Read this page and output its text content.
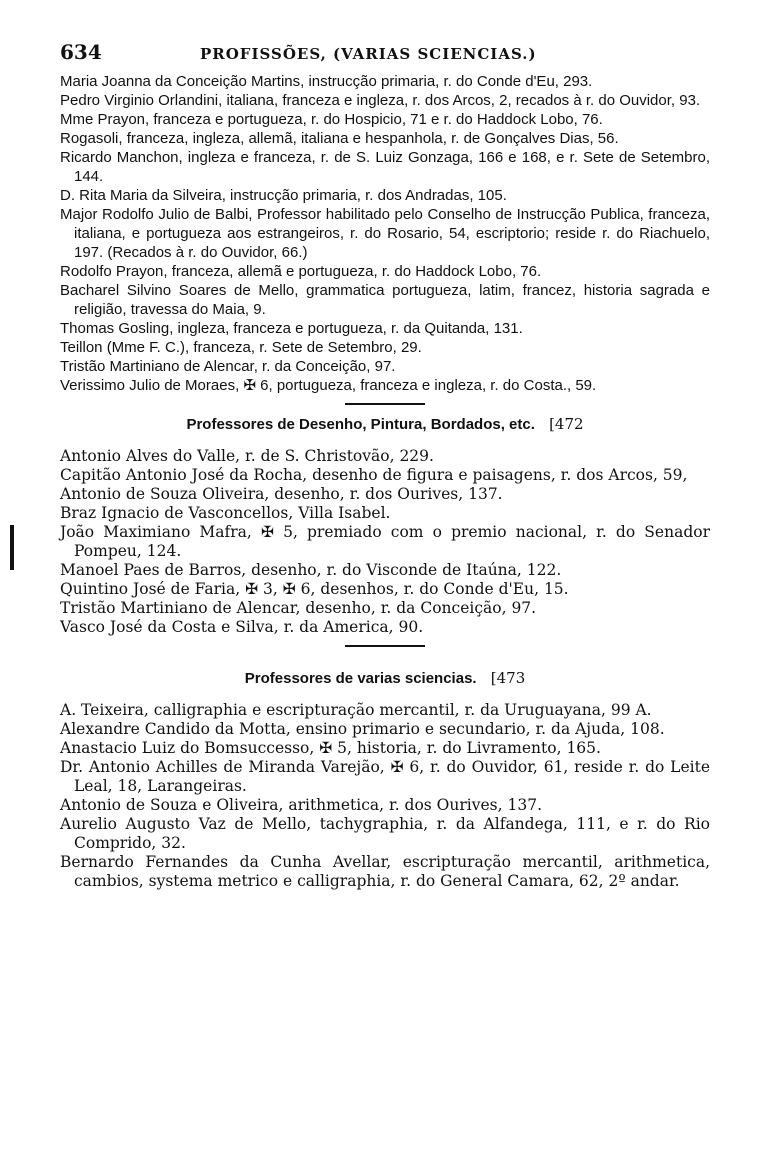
634	PROFISSÕES, (VARIAS SCIENCIAS.)

Maria Joanna da Conceição Martins, instrucção primaria, r. do Conde d'Eu, 293.

Pedro Virginio Orlandini, italiana, franceza e ingleza, r. dos Arcos, 2, recados à r. do Ouvidor, 93.

Mme Prayon, franceza e portugueza, r. do Hospicio, 71 e r. do Haddock Lobo, 76.

Rogasoli, franceza, ingleza, allemã, italiana e hespanhola, r. de Gonçalves Dias, 56.

Ricardo Manchon, ingleza e franceza, r. de S. Luiz Gonzaga, 166 e 168, e r. Sete de Setembro, 144.

D. Rita Maria da Silveira, instrucção primaria, r. dos Andradas, 105.

Major Rodolfo Julio de Balbi, Professor habilitado pelo Conselho de Instrucção Publica, franceza, italiana, e portugueza aos estrangeiros, r. do Rosario, 54, escriptorio; reside r. do Riachuelo, 197. (Recados à r. do Ouvidor, 66.)

Rodolfo Prayon, franceza, allemã e portugueza, r. do Haddock Lobo, 76.

Bacharel Silvino Soares de Mello, grammatica portugueza, latim, francez, historia sagrada e religião, travessa do Maia, 9.

Thomas Gosling, ingleza, franceza e portugueza, r. da Quitanda, 131.

Teillon (Mme F. C.), franceza, r. Sete de Setembro, 29.

Tristão Martiniano de Alencar, r. da Conceição, 97.

Verissimo Julio de Moraes, ✠ 6, portugueza, franceza e ingleza, r. do Costa., 59.

Professores de Desenho, Pintura, Bordados, etc. [472

Antonio Alves do Valle, r. de S. Christovão, 229.

Capitão Antonio José da Rocha, desenho de figura e paisagens, r. dos Arcos, 59,

Antonio de Souza Oliveira, desenho, r. dos Ourives, 137.

Braz Ignacio de Vasconcellos, Villa Isabel.

João Maximiano Mafra, ✠ 5, premiado com o premio nacional, r. do Senador Pompeu, 124.

Manoel Paes de Barros, desenho, r. do Visconde de Itaúna, 122.

Quintino José de Faria, ✠ 3, ✠ 6, desenhos, r. do Conde d'Eu, 15.

Tristão Martiniano de Alencar, desenho, r. da Conceição, 97.

Vasco José da Costa e Silva, r. da America, 90.

Professores de varias sciencias. [473

A. Teixeira, calligraphia e escripturação mercantil, r. da Uruguayana, 99 A.

Alexandre Candido da Motta, ensino primario e secundario, r. da Ajuda, 108.

Anastacio Luiz do Bomsuccesso, ✠ 5, historia, r. do Livramento, 165.

Dr. Antonio Achilles de Miranda Varejão, ✠ 6, r. do Ouvidor, 61, reside r. do Leite Leal, 18, Larangeiras.

Antonio de Souza e Oliveira, arithmetica, r. dos Ourives, 137.

Aurelio Augusto Vaz de Mello, tachygraphia, r. da Alfandega, 111, e r. do Rio Comprido, 32.

Bernardo Fernandes da Cunha Avellar, escripturação mercantil, arithmetica, cambios, systema metrico e calligraphia, r. do General Camara, 62, 2º andar.
